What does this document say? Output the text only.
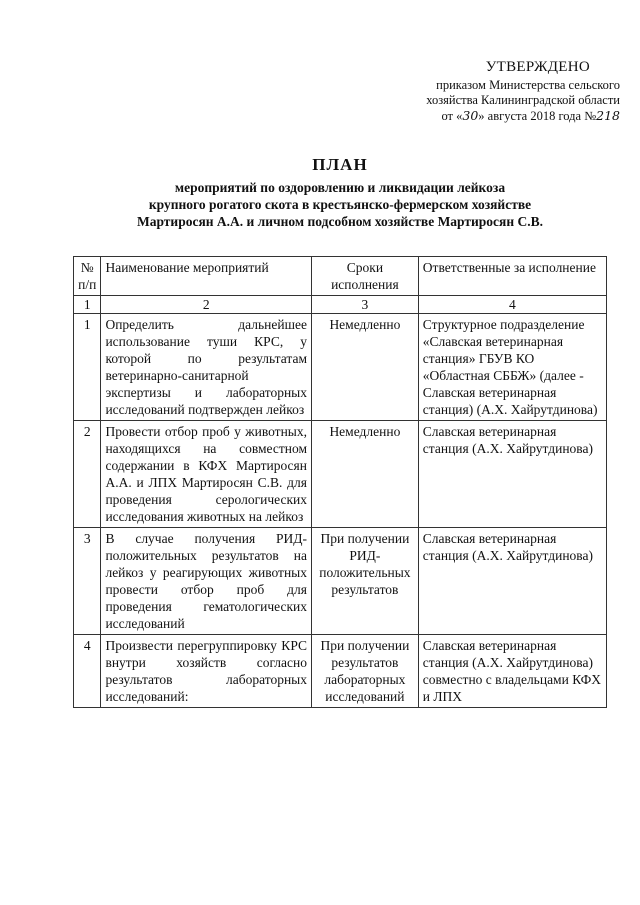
УТВЕРЖДЕНО
приказом Министерства сельского
хозяйства Калининградской области
от «30» августа 2018 года №218
ПЛАН
мероприятий по оздоровлению и ликвидации лейкоза
крупного рогатого скота в крестьянско-фермерском хозяйстве
Мартиросян А.А. и личном подсобном хозяйстве Мартиросян С.В.
№ п/п	Наименование мероприятий	Сроки исполнения	Ответственные за исполнение
1	2	3	4
1	Определить дальнейшее использование туши КРС, у которой по результатам ветеринарно-санитарной экспертизы и лабораторных исследований подтвержден лейкоз	Немедленно	Структурное подразделение «Славская ветеринарная станция» ГБУВ КО «Областная СББЖ» (далее - Славская ветеринарная станция) (А.Х. Хайрутдинова)
2	Провести отбор проб у животных, находящихся на совместном содержании в КФХ Мартиросян А.А. и ЛПХ Мартиросян С.В. для проведения серологических исследования животных на лейкоз	Немедленно	Славская ветеринарная станция (А.Х. Хайрутдинова)
3	В случае получения РИД-положительных результатов на лейкоз у реагирующих животных провести отбор проб для проведения гематологических исследований	При получении РИД-положительных результатов	Славская ветеринарная станция (А.Х. Хайрутдинова)
4	Произвести перегруппировку КРС внутри хозяйств согласно результатов лабораторных исследований:	При получении результатов лабораторных исследований	Славская ветеринарная станция (А.Х. Хайрутдинова) совместно с владельцами КФХ и ЛПХ
